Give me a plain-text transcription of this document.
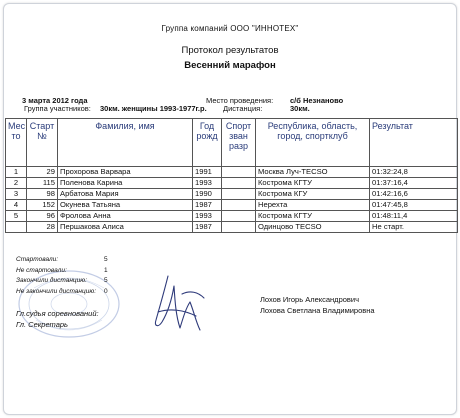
Группа компаний ООО "ИННОТЕХ"
Протокол результатов
Весенний марафон
3 марта 2012 года
Группа участников: 30км. женщины 1993-1977г.р.
Место проведения: с/б Незнаново
Дистанция:	30км.
Мес то	Старт №	Фамилия, имя	Год рожд	Спорт зван разр	Республика, область, город, спортклуб	Результат
1	29	Прохорова Варвара	1991		Москва Луч-TECSO	01:32:24,8
2	115	Поленова Карина	1993		Кострома КГТУ	01:37:16,4
3	98	Арбатова Мария	1990		Кострома КГУ	01:42:16,6
4	152	Окунева Татьяна	1987		Нерехта	01:47:45,8
5	96	Фролова Анна	1993		Кострома КГТУ	01:48:11,4
	28	Першакова Алиса	1987		Одинцово TECSO	Не старт.
Стартовали:	5
Не стартовали:	1
Закончили дистанцию:	5
Не закончили дистанцию: 0
Гл.судья соревнований:
Гл. Секретарь
Лохов Игорь Александрович
Лохова Светлана Владимировна
